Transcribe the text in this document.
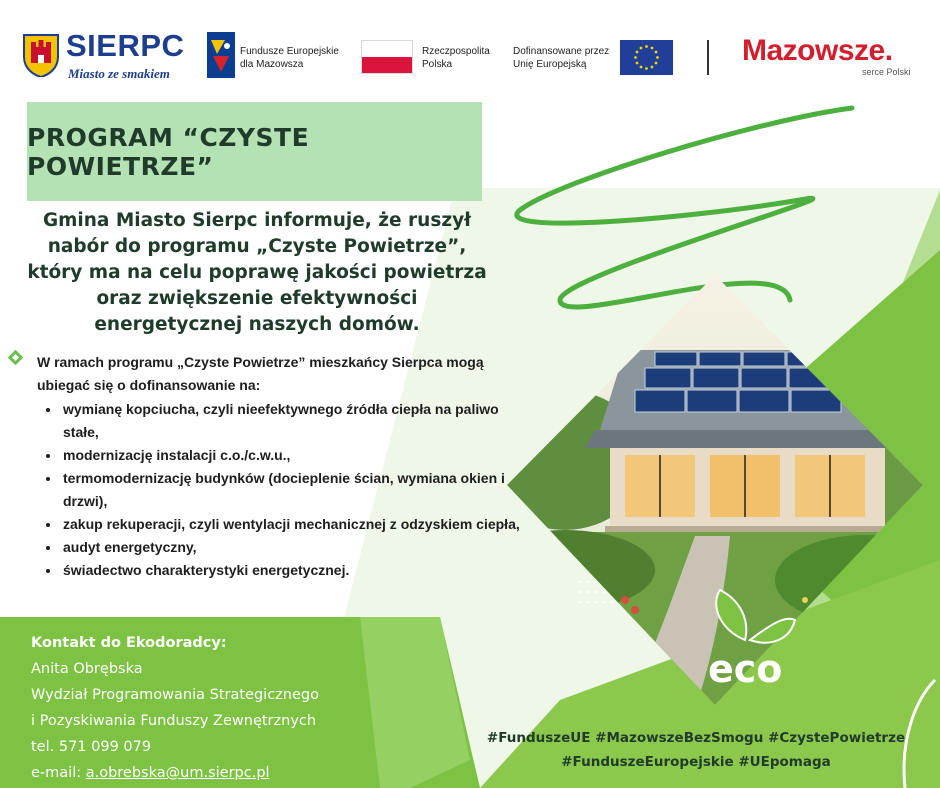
SIERPC
Miasto ze smakiem
Fundusze Europejskie
dla Mazowsza
Rzeczpospolita
Polska
Dofinansowane przez
Unię Europejską	Mazowsze.
serce Polski
PROGRAM “CZYSTE POWIETRZE”
Gmina Miasto Sierpc informuje, że ruszył nabór do programu „Czyste Powietrze”, który ma na celu poprawę jakości powietrza oraz zwiększenie efektywności energetycznej naszych domów.
W ramach programu „Czyste Powietrze” mieszkańcy Sierpca mogą ubiegać się o dofinansowanie na:
• wymianę kopciucha, czyli nieefektywnego źródła ciepła na paliwo stałe,
• modernizację instalacji c.o./c.w.u.,
• termomodernizację budynków (docieplenie ścian, wymiana okien i drzwi),
• zakup rekuperacji, czyli wentylacji mechanicznej z odzyskiem ciepła,
• audyt energetyczny,
• świadectwo charakterystyki energetycznej.
eco
Kontakt do Ekodoradcy:
Anita Obrębska
Wydział Programowania Strategicznego
i Pozyskiwania Funduszy Zewnętrznych
tel. 571 099 079
e-mail: a.obrebska@um.sierpc.pl
#FunduszeUE #MazowszeBezSmogu #CzystePowietrze
#FunduszeEuropejskie #UEpomaga
